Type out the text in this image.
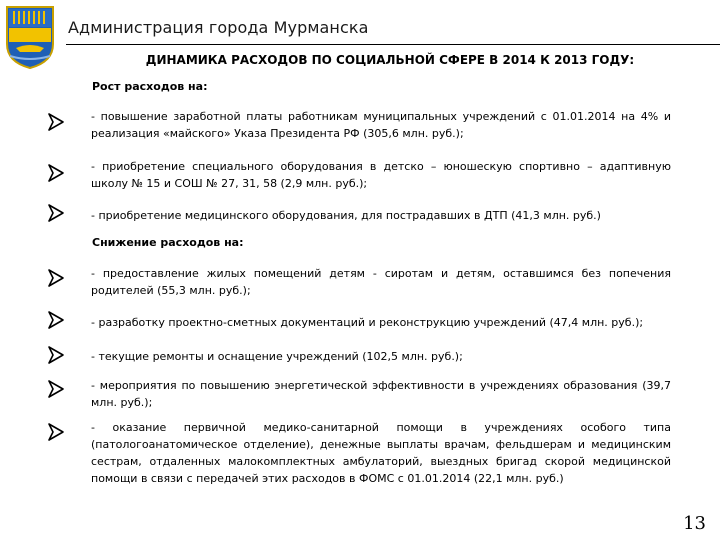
Администрация города Мурманска
ДИНАМИКА РАСХОДОВ ПО СОЦИАЛЬНОЙ СФЕРЕ В 2014 К 2013 ГОДУ:
Рост расходов на:
- повышение заработной платы работникам муниципальных учреждений с 01.01.2014 на 4% и реализация «майского» Указа Президента РФ (305,6 млн. руб.);
- приобретение специального оборудования в детско – юношескую спортивно – адаптивную школу № 15 и СОШ № 27, 31, 58 (2,9 млн. руб.);
- приобретение медицинского оборудования, для пострадавших в ДТП (41,3 млн. руб.)
Снижение расходов на:
- предоставление жилых помещений детям - сиротам и детям, оставшимся без попечения родителей (55,3 млн. руб.);
- разработку проектно-сметных документаций и реконструкцию учреждений (47,4 млн. руб.);
- текущие ремонты и оснащение учреждений (102,5 млн. руб.);
- мероприятия по повышению энергетической эффективности в учреждениях образования (39,7 млн. руб.);
- оказание первичной медико-санитарной помощи в учреждениях особого типа (патологоанатомическое отделение), денежные выплаты врачам, фельдшерам и медицинским сестрам, отдаленных малокомплектных амбулаторий, выездных бригад скорой медицинской помощи в связи с передачей этих расходов в ФОМС с 01.01.2014 (22,1 млн. руб.)
13
